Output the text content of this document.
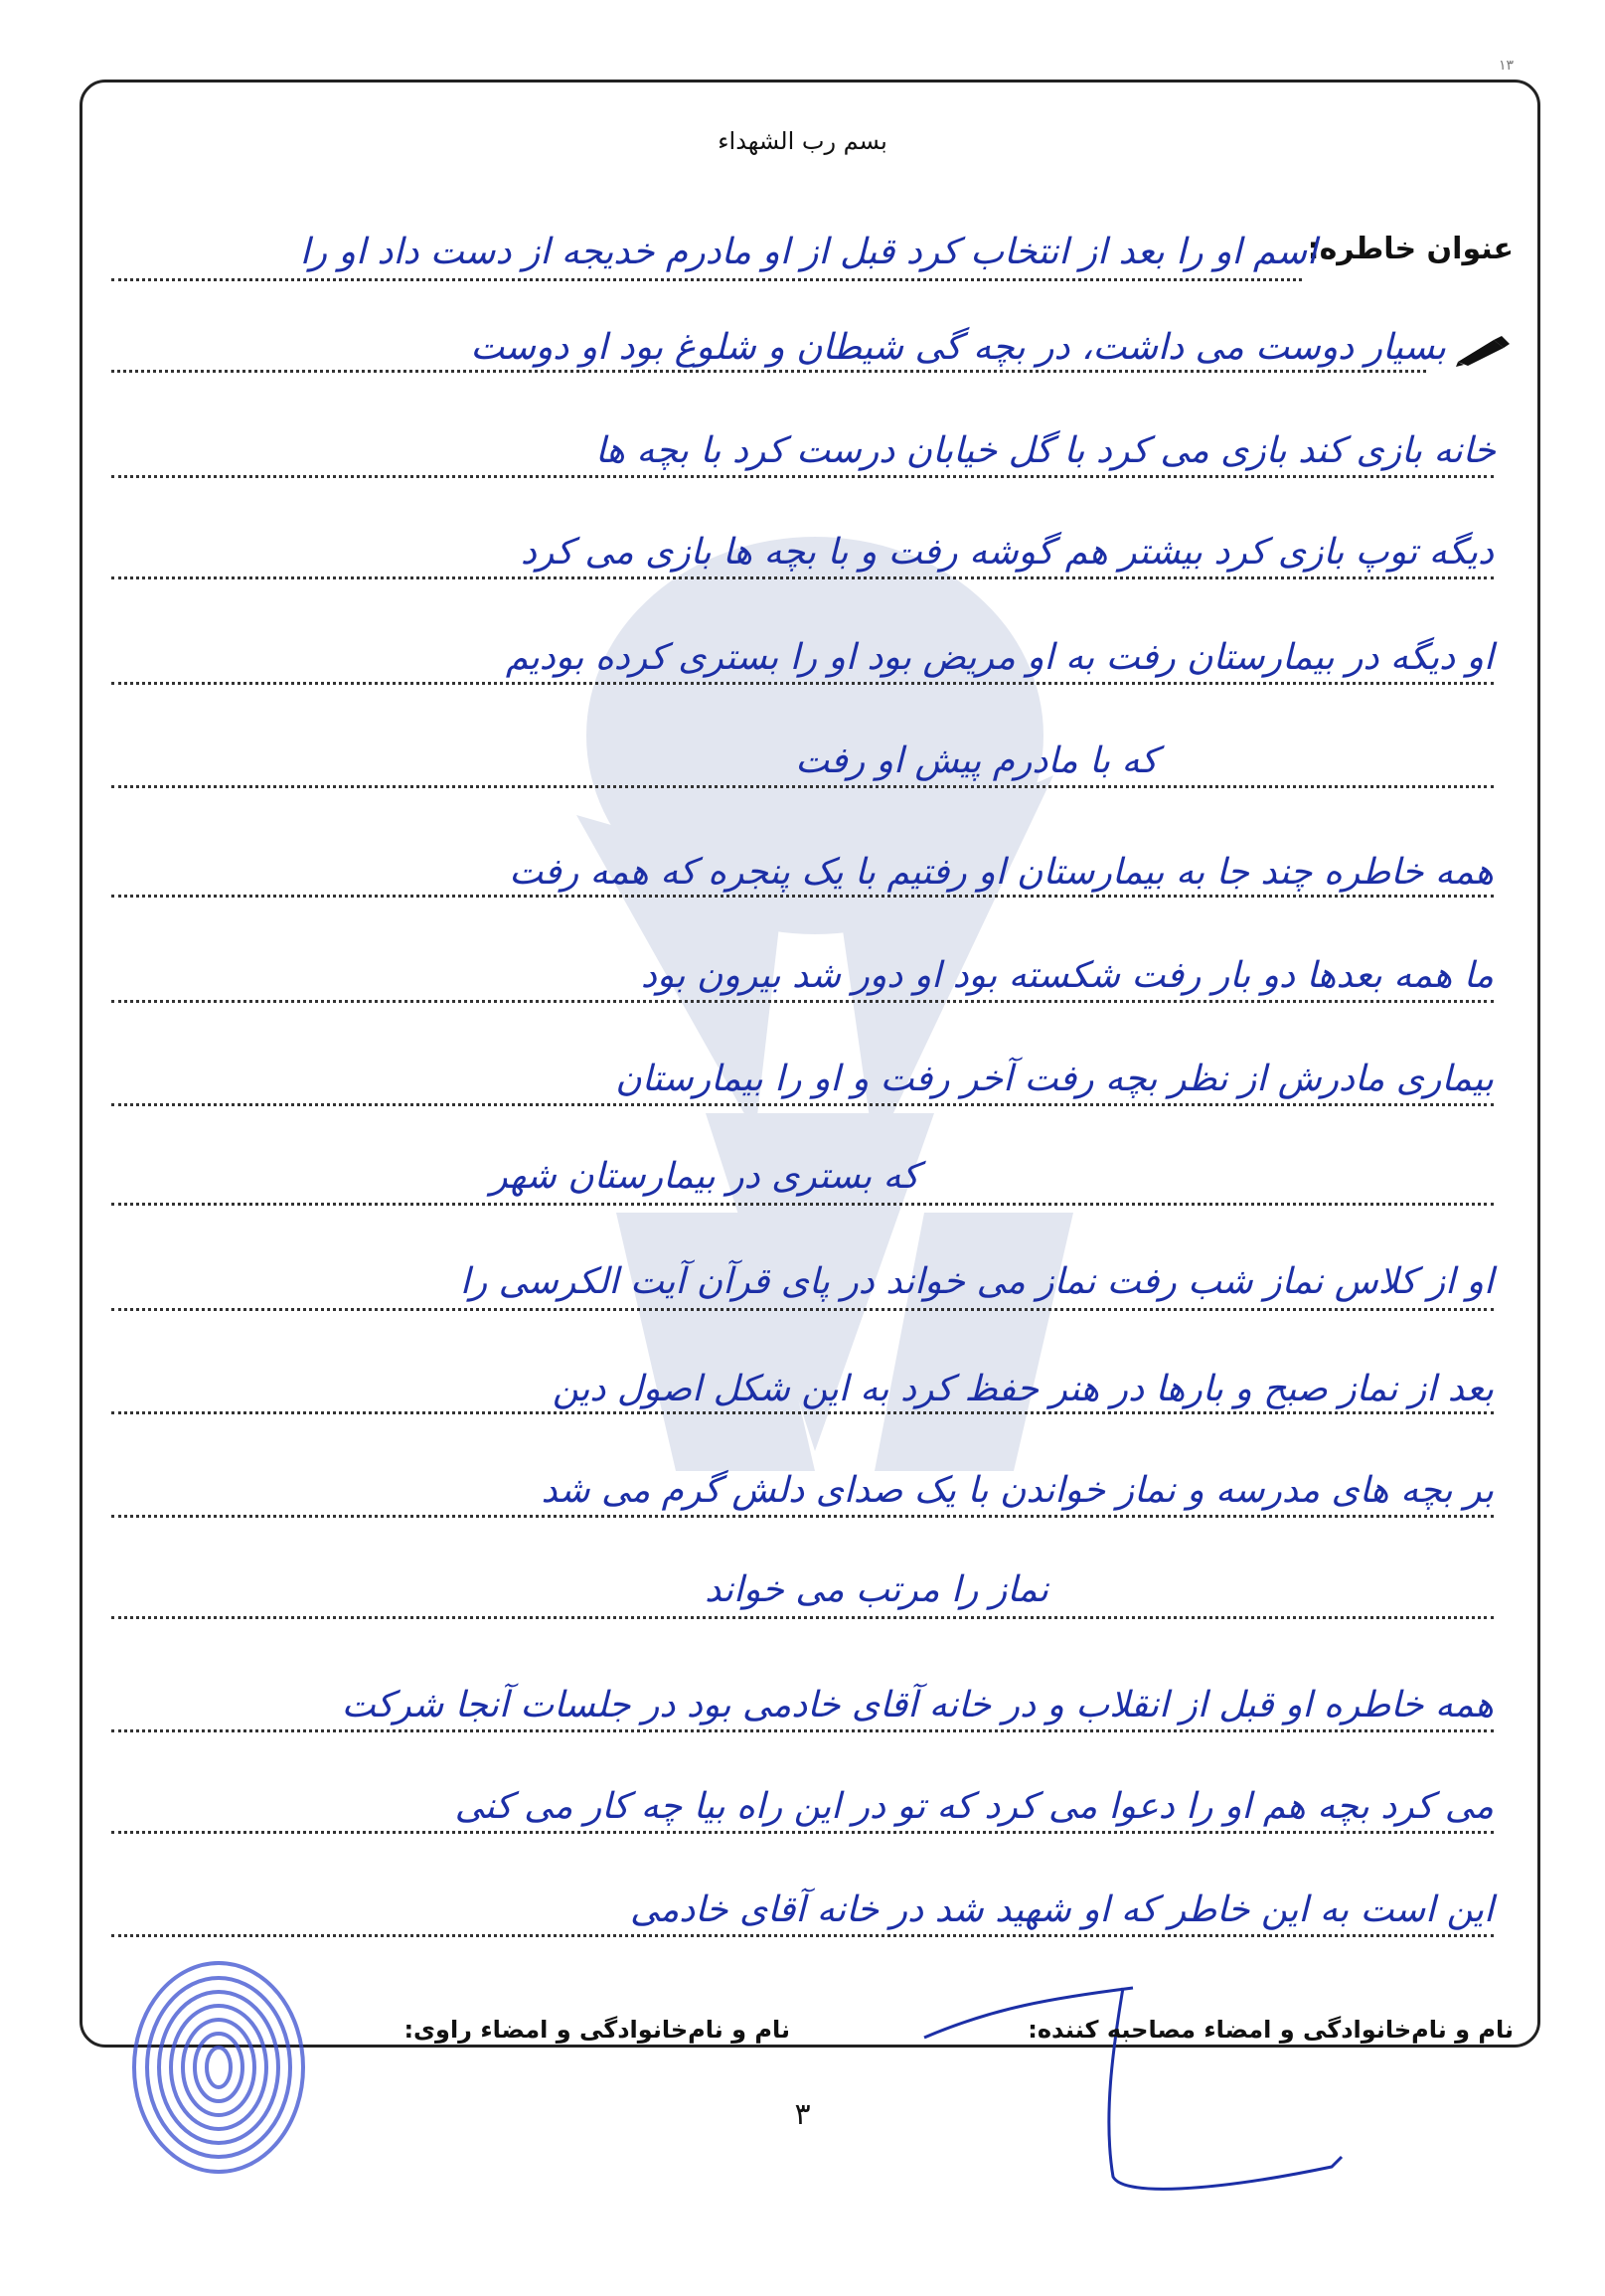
۱۳
بسم رب الشهداء
عنوان خاطره:
اسم او را بعد از انتخاب کرد قبل از او مادرم خدیجه از دست داد او را
بسیار دوست می داشت، در بچه گی شیطان و شلوغ بود او دوست
خانه بازی کند بازی می کرد با گل خیابان درست کرد با بچه ها
دیگه توپ بازی کرد بیشتر هم گوشه رفت و با بچه ها بازی می کرد
او دیگه در بیمارستان رفت به او مریض بود او را بستری کرده بودیم
که با مادرم پیش او رفت
همه خاطره چند جا به بیمارستان او رفتیم با یک پنجره که همه رفت
ما همه بعدها دو بار رفت شکسته بود او دور شد بیرون بود
بیماری مادرش از نظر بچه رفت آخر رفت و او را بیمارستان
که بستری در بیمارستان شهر
او از کلاس نماز شب رفت نماز می خواند در پای قرآن آیت الکرسی را
بعد از نماز صبح و بارها در هنر حفظ کرد به این شکل اصول دین
بر بچه های مدرسه و نماز خواندن با یک صدای دلش گرم می شد
نماز را مرتب می خواند
همه خاطره او قبل از انقلاب و در خانه آقای خادمی بود در جلسات آنجا شرکت
می کرد بچه هم او را دعوا می کرد که تو در این راه بیا چه کار می کنی
این است به این خاطر که او شهید شد در خانه آقای خادمی
نام و نام‌خانوادگی و امضاء مصاحبه کننده:
نام و نام‌خانوادگی و امضاء راوی:
۳
